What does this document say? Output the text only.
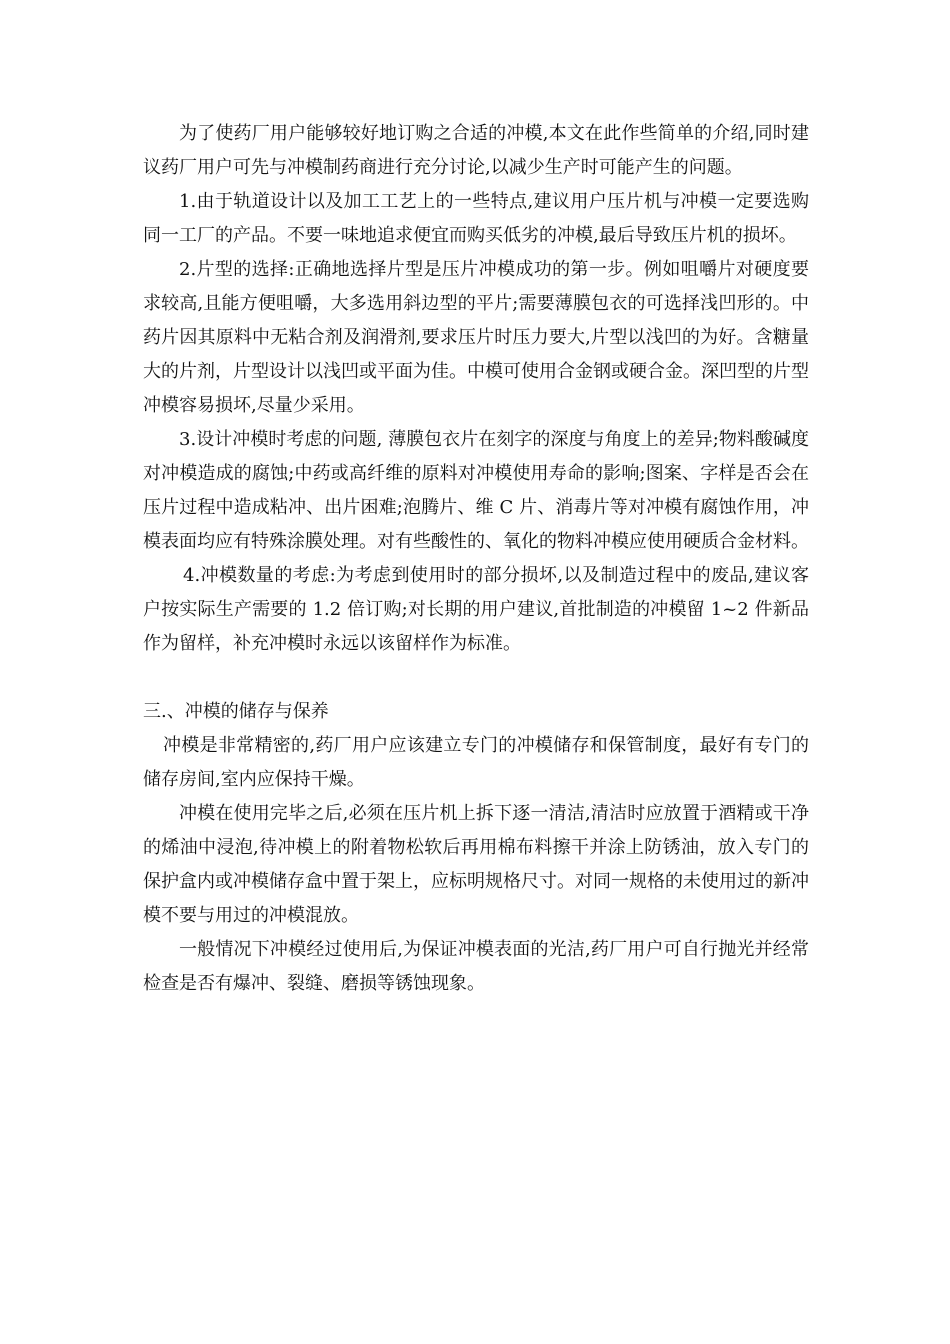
为了使药厂用户能够较好地订购之合适的冲模,本文在此作些简单的介绍,同时建议药厂用户可先与冲模制药商进行充分讨论,以减少生产时可能产生的问题。

1.由于轨道设计以及加工工艺上的一些特点,建议用户压片机与冲模一定要选购同一工厂的产品。不要一味地追求便宜而购买低劣的冲模,最后导致压片机的损坏。

2.片型的选择:正确地选择片型是压片冲模成功的第一步。例如咀嚼片对硬度要求较高,且能方便咀嚼，大多选用斜边型的平片;需要薄膜包衣的可选择浅凹形的。中药片因其原料中无粘合剂及润滑剂,要求压片时压力要大,片型以浅凹的为好。含糖量大的片剂，片型设计以浅凹或平面为佳。中模可使用合金钢或硬合金。深凹型的片型冲模容易损坏,尽量少采用。

3.设计冲模时考虑的问题, 薄膜包衣片在刻字的深度与角度上的差异;物料酸碱度对冲模造成的腐蚀;中药或高纤维的原料对冲模使用寿命的影响;图案、字样是否会在压片过程中造成粘冲、出片困难;泡腾片、维 C 片、消毒片等对冲模有腐蚀作用，冲模表面均应有特殊涂膜处理。对有些酸性的、氧化的物料冲模应使用硬质合金材料。

4.冲模数量的考虑:为考虑到使用时的部分损坏,以及制造过程中的废品,建议客户按实际生产需要的 1.2 倍订购;对长期的用户建议,首批制造的冲模留 1~2 件新品作为留样，补充冲模时永远以该留样作为标准。

三.、冲模的储存与保养

冲模是非常精密的,药厂用户应该建立专门的冲模储存和保管制度，最好有专门的储存房间,室内应保持干燥。

冲模在使用完毕之后,必须在压片机上拆下逐一清洁,清洁时应放置于酒精或干净的烯油中浸泡,待冲模上的附着物松软后再用棉布料擦干并涂上防锈油，放入专门的保护盒内或冲模储存盒中置于架上，应标明规格尺寸。对同一规格的未使用过的新冲模不要与用过的冲模混放。

一般情况下冲模经过使用后,为保证冲模表面的光洁,药厂用户可自行抛光并经常检查是否有爆冲、裂缝、磨损等锈蚀现象。
